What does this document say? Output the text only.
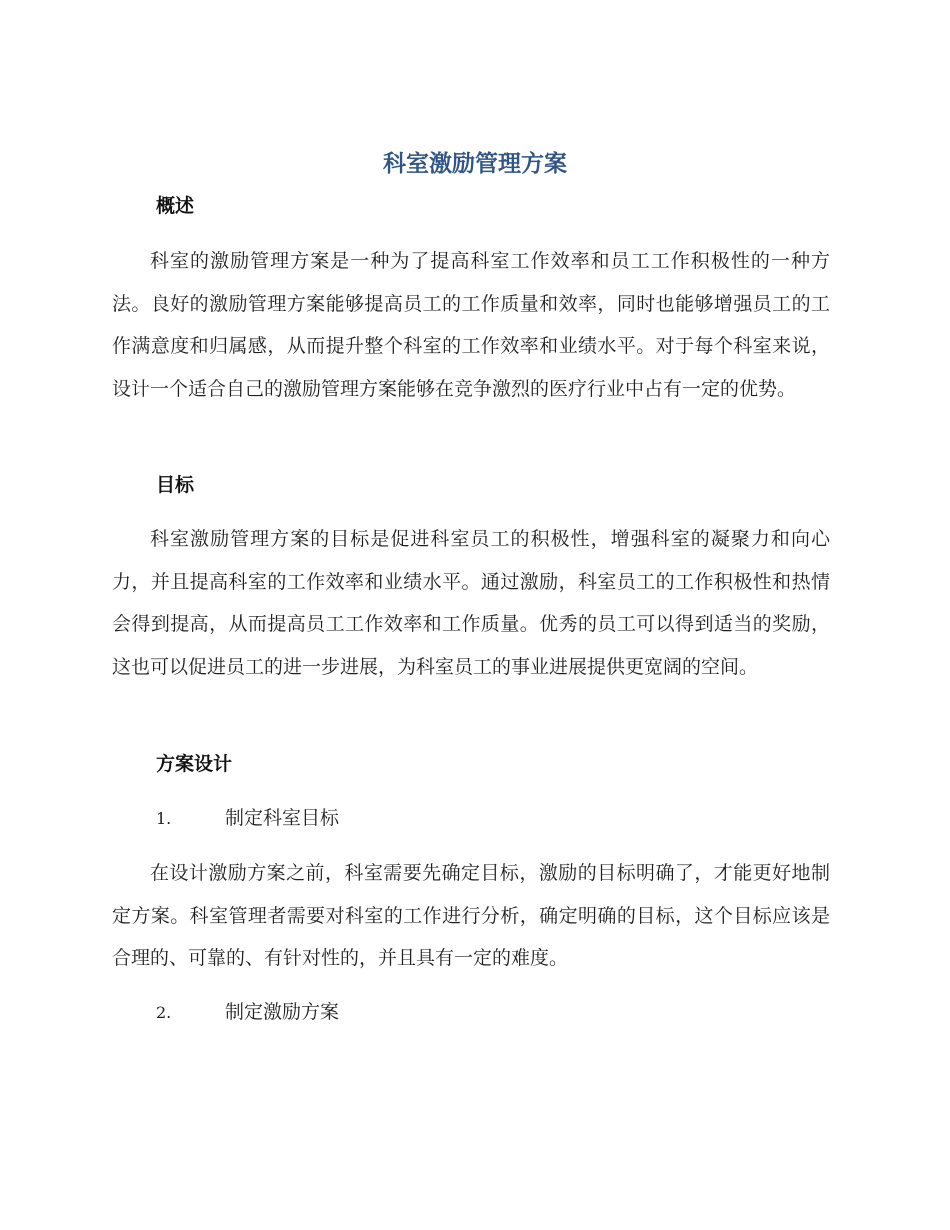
科室激励管理方案
概述
科室的激励管理方案是一种为了提高科室工作效率和员工工作积极性的一种方法。良好的激励管理方案能够提高员工的工作质量和效率，同时也能够增强员工的工作满意度和归属感，从而提升整个科室的工作效率和业绩水平。对于每个科室来说，设计一个适合自己的激励管理方案能够在竞争激烈的医疗行业中占有一定的优势。
目标
科室激励管理方案的目标是促进科室员工的积极性，增强科室的凝聚力和向心力，并且提高科室的工作效率和业绩水平。通过激励，科室员工的工作积极性和热情会得到提高，从而提高员工工作效率和工作质量。优秀的员工可以得到适当的奖励，这也可以促进员工的进一步进展，为科室员工的事业进展提供更宽阔的空间。
方案设计
1.	制定科室目标
在设计激励方案之前，科室需要先确定目标，激励的目标明确了，才能更好地制定方案。科室管理者需要对科室的工作进行分析，确定明确的目标，这个目标应该是合理的、可靠的、有针对性的，并且具有一定的难度。
2.	制定激励方案
